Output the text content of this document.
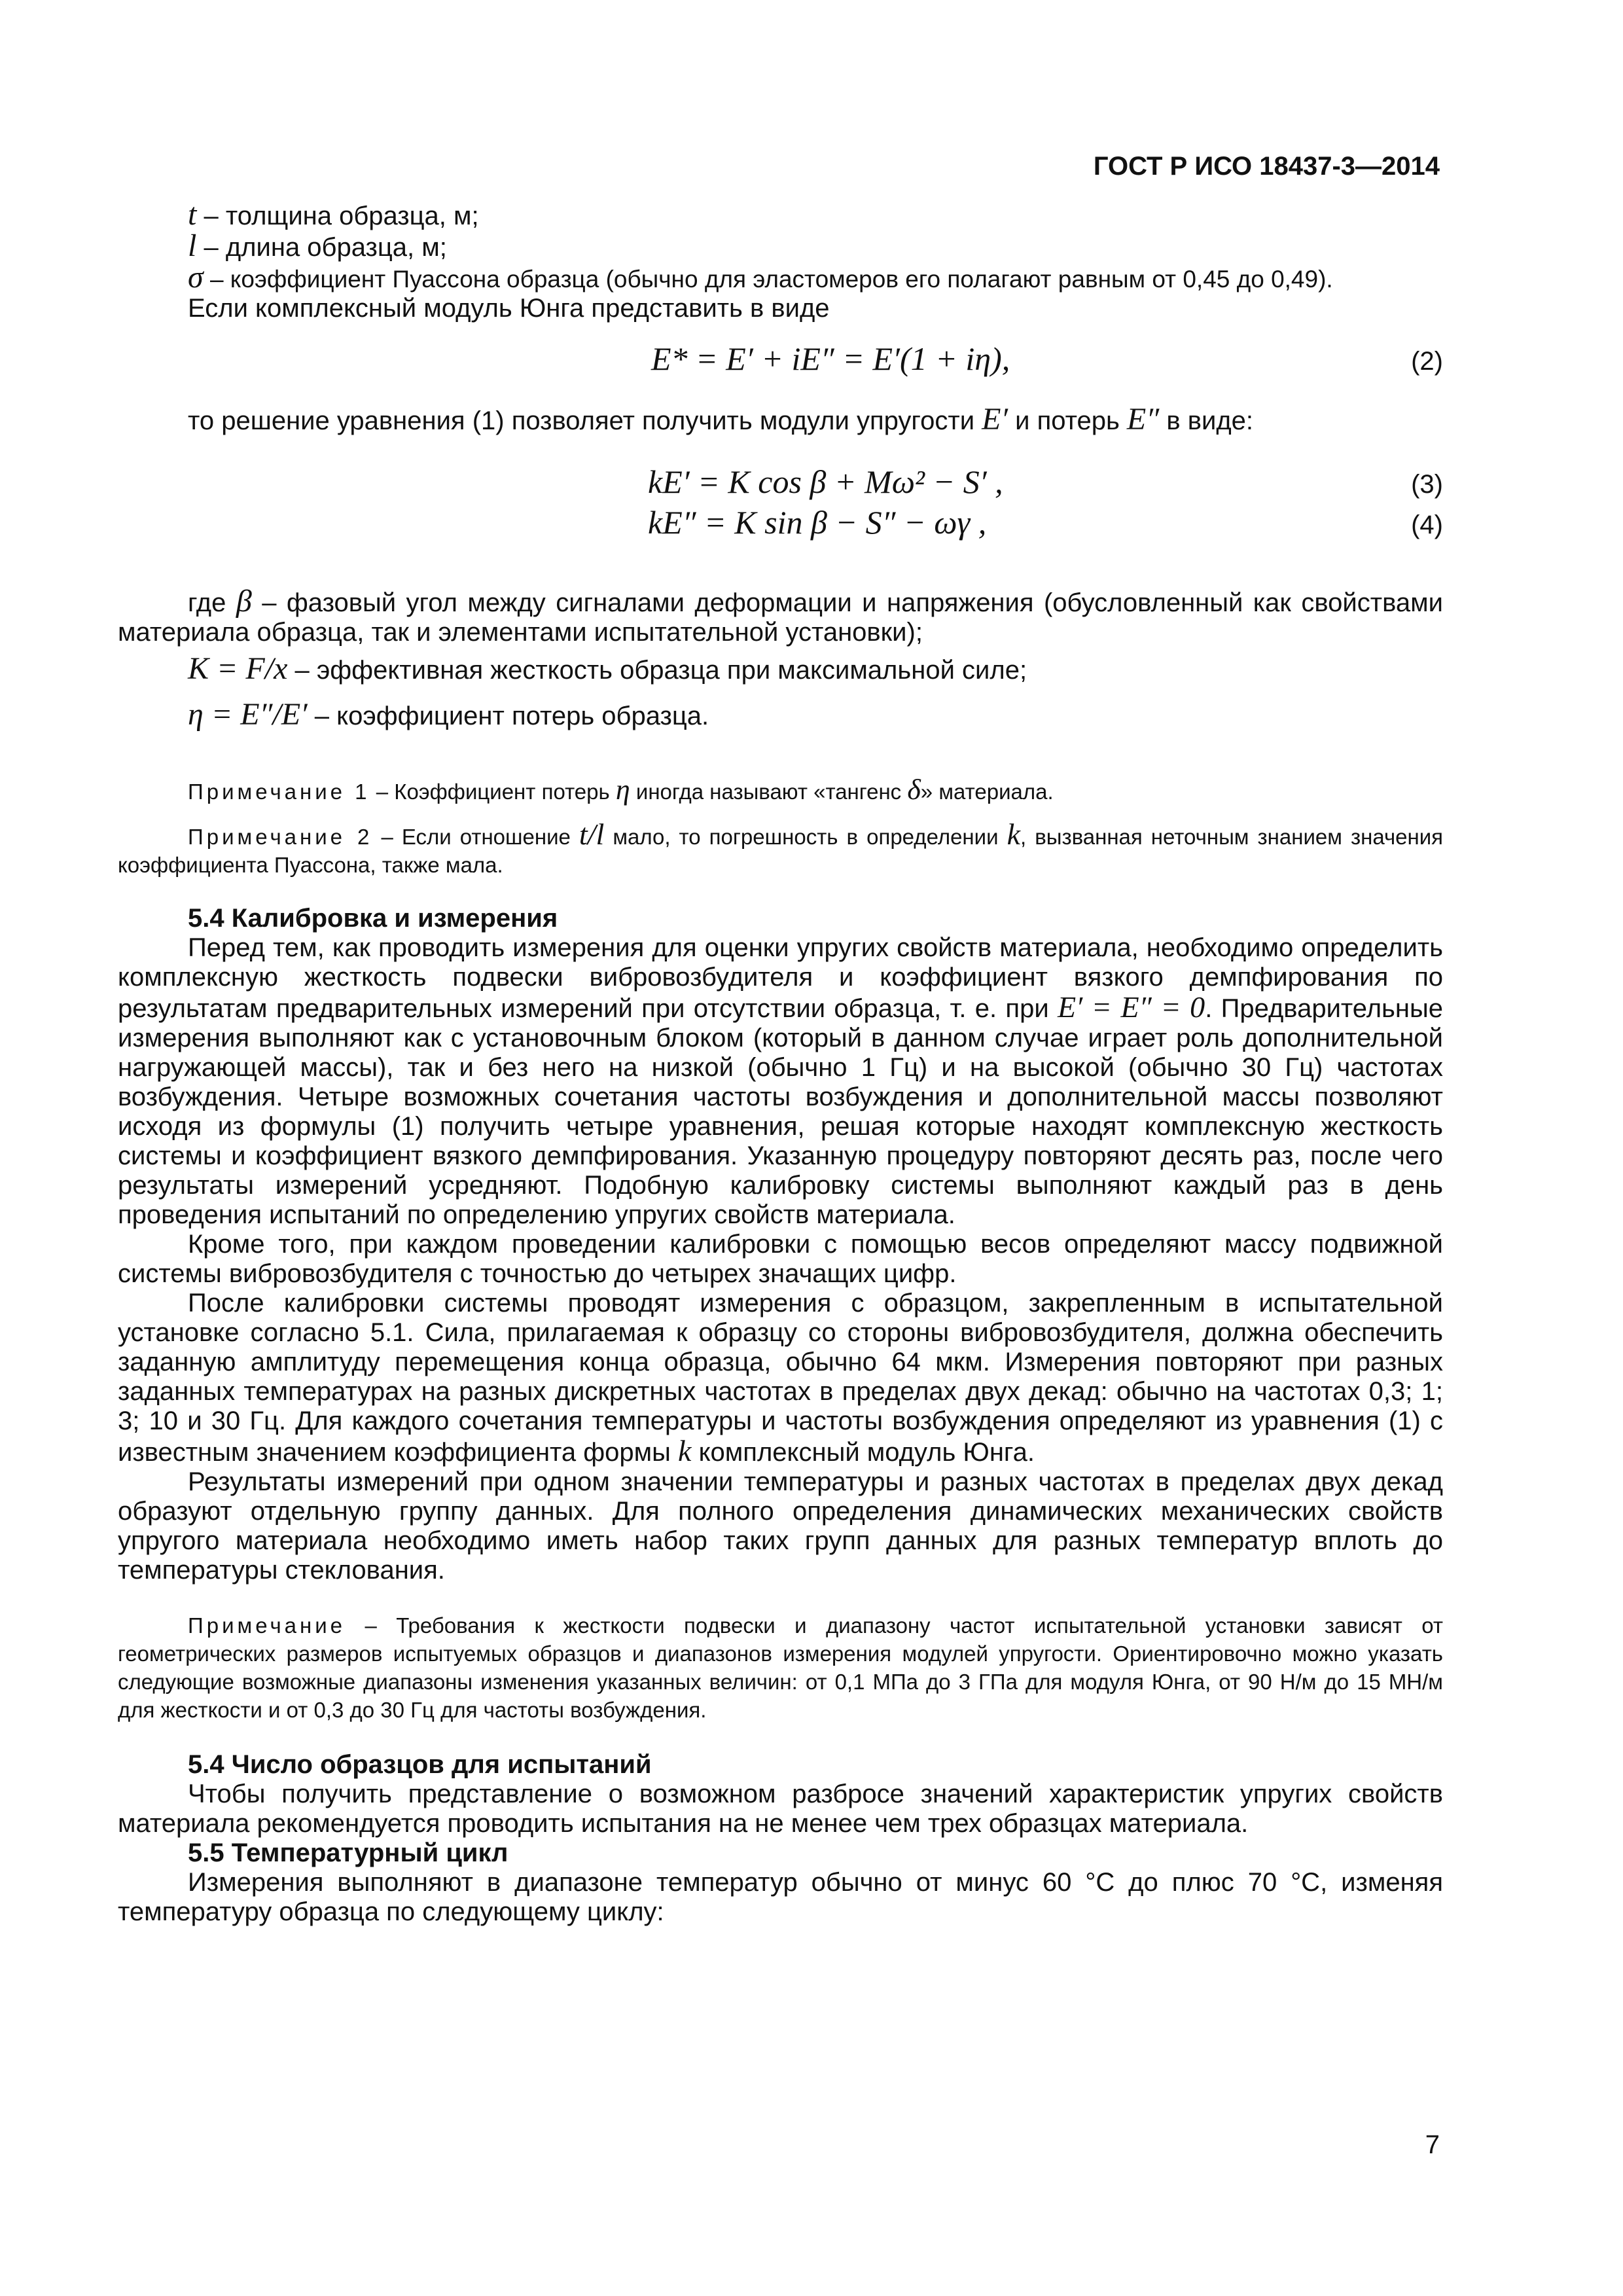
ГОСТ Р ИСО 18437-3—2014

t – толщина образца, м;

l – длина образца, м;

σ – коэффициент Пуассона образца (обычно для эластомеров его полагают равным от 0,45 до 0,49).

Если комплексный модуль Юнга представить в виде

E* = E′ + iE″ = E′(1 + iη),	(2)

то решение уравнения (1) позволяет получить модули упругости E′ и потерь E″ в виде:

kE′ = K cos β + Mω² − S′ ,	(3)
kE″ = K sin β − S″ − ωγ ,	(4)

где β – фазовый угол между сигналами деформации и напряжения (обусловленный как свойствами материала образца, так и элементами испытательной установки);

K = F/x – эффективная жесткость образца при максимальной силе;

η = E″/E′ – коэффициент потерь образца.

Примечание 1 – Коэффициент потерь η иногда называют «тангенс δ» материала.

Примечание 2 – Если отношение t/l мало, то погрешность в определении k, вызванная неточным знанием значения коэффициента Пуассона, также мала.

5.4 Калибровка и измерения

Перед тем, как проводить измерения для оценки упругих свойств материала, необходимо определить комплексную жесткость подвески вибровозбудителя и коэффициент вязкого демпфирования по результатам предварительных измерений при отсутствии образца, т. е. при E′ = E″ = 0. Предварительные измерения выполняют как с установочным блоком (который в данном случае играет роль дополнительной нагружающей массы), так и без него на низкой (обычно 1 Гц) и на высокой (обычно 30 Гц) частотах возбуждения. Четыре возможных сочетания частоты возбуждения и дополнительной массы позволяют исходя из формулы (1) получить четыре уравнения, решая которые находят комплексную жесткость системы и коэффициент вязкого демпфирования. Указанную процедуру повторяют десять раз, после чего результаты измерений усредняют. Подобную калибровку системы выполняют каждый раз в день проведения испытаний по определению упругих свойств материала.

Кроме того, при каждом проведении калибровки с помощью весов определяют массу подвижной системы вибровозбудителя с точностью до четырех значащих цифр.

После калибровки системы проводят измерения с образцом, закрепленным в испытательной установке согласно 5.1. Сила, прилагаемая к образцу со стороны вибровозбудителя, должна обеспечить заданную амплитуду перемещения конца образца, обычно 64 мкм. Измерения повторяют при разных заданных температурах на разных дискретных частотах в пределах двух декад: обычно на частотах 0,3; 1; 3; 10 и 30 Гц. Для каждого сочетания температуры и частоты возбуждения определяют из уравнения (1) с известным значением коэффициента формы k комплексный модуль Юнга.

Результаты измерений при одном значении температуры и разных частотах в пределах двух декад образуют отдельную группу данных. Для полного определения динамических механических свойств упругого материала необходимо иметь набор таких групп данных для разных температур вплоть до температуры стеклования.

Примечание – Требования к жесткости подвески и диапазону частот испытательной установки зависят от геометрических размеров испытуемых образцов и диапазонов измерения модулей упругости. Ориентировочно можно указать следующие возможные диапазоны изменения указанных величин: от 0,1 МПа до 3 ГПа для модуля Юнга, от 90 Н/м до 15 МН/м для жесткости и от 0,3 до 30 Гц для частоты возбуждения.

5.4 Число образцов для испытаний

Чтобы получить представление о возможном разбросе значений характеристик упругих свойств материала рекомендуется проводить испытания на не менее чем трех образцах материала.

5.5 Температурный цикл

Измерения выполняют в диапазоне температур обычно от минус 60 °С до плюс 70 °С, изменяя температуру образца по следующему циклу:

7
